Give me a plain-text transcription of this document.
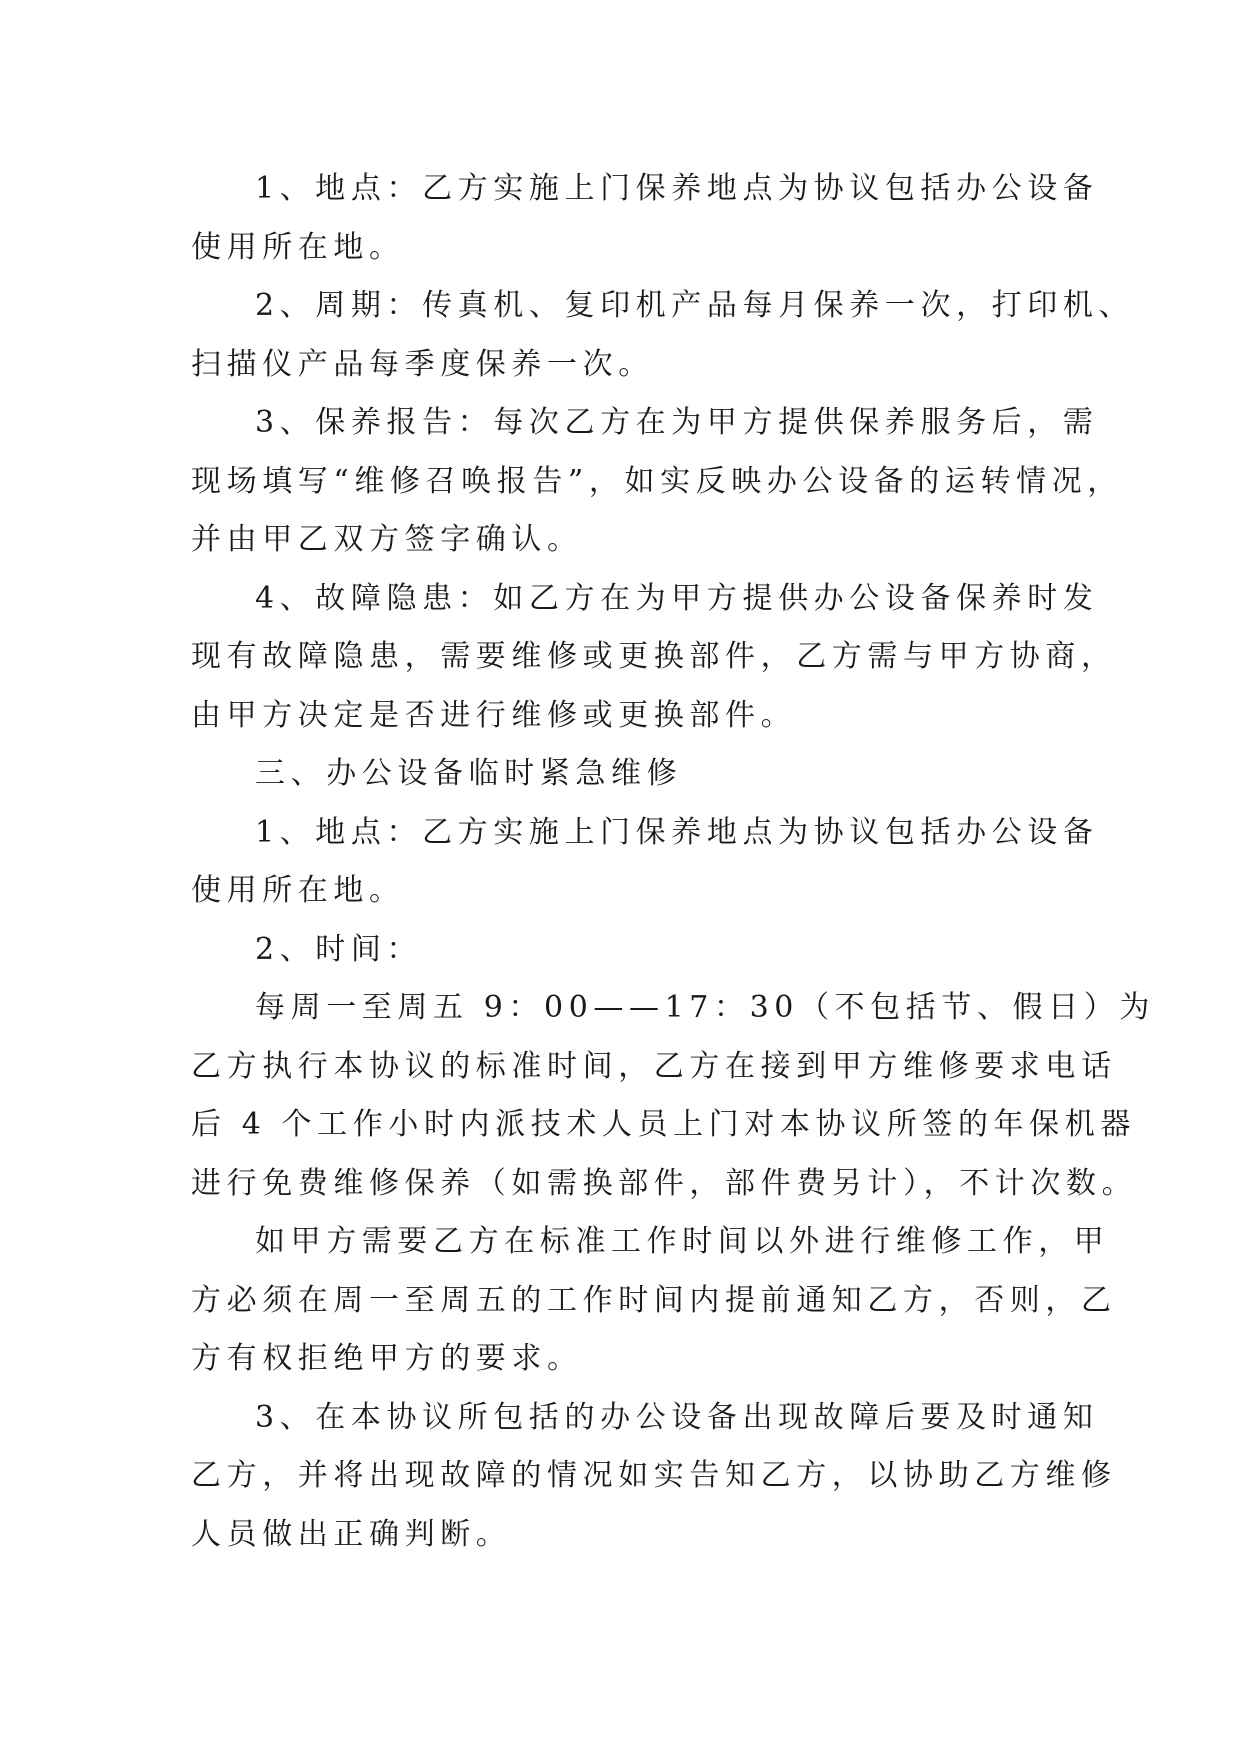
1、地点：乙方实施上门保养地点为协议包括办公设备
使用所在地。
2、周期：传真机、复印机产品每月保养一次，打印机、
扫描仪产品每季度保养一次。
3、保养报告：每次乙方在为甲方提供保养服务后，需
现场填写“维修召唤报告”，如实反映办公设备的运转情况，
并由甲乙双方签字确认。
4、故障隐患：如乙方在为甲方提供办公设备保养时发
现有故障隐患，需要维修或更换部件，乙方需与甲方协商，
由甲方决定是否进行维修或更换部件。
三、办公设备临时紧急维修
1、地点：乙方实施上门保养地点为协议包括办公设备
使用所在地。
2、时间：
每周一至周五 9：00——17：30（不包括节、假日）为
乙方执行本协议的标准时间，乙方在接到甲方维修要求电话
后 4 个工作小时内派技术人员上门对本协议所签的年保机器
进行免费维修保养（如需换部件，部件费另计），不计次数。
如甲方需要乙方在标准工作时间以外进行维修工作，甲
方必须在周一至周五的工作时间内提前通知乙方，否则，乙
方有权拒绝甲方的要求。
3、在本协议所包括的办公设备出现故障后要及时通知
乙方，并将出现故障的情况如实告知乙方，以协助乙方维修
人员做出正确判断。
